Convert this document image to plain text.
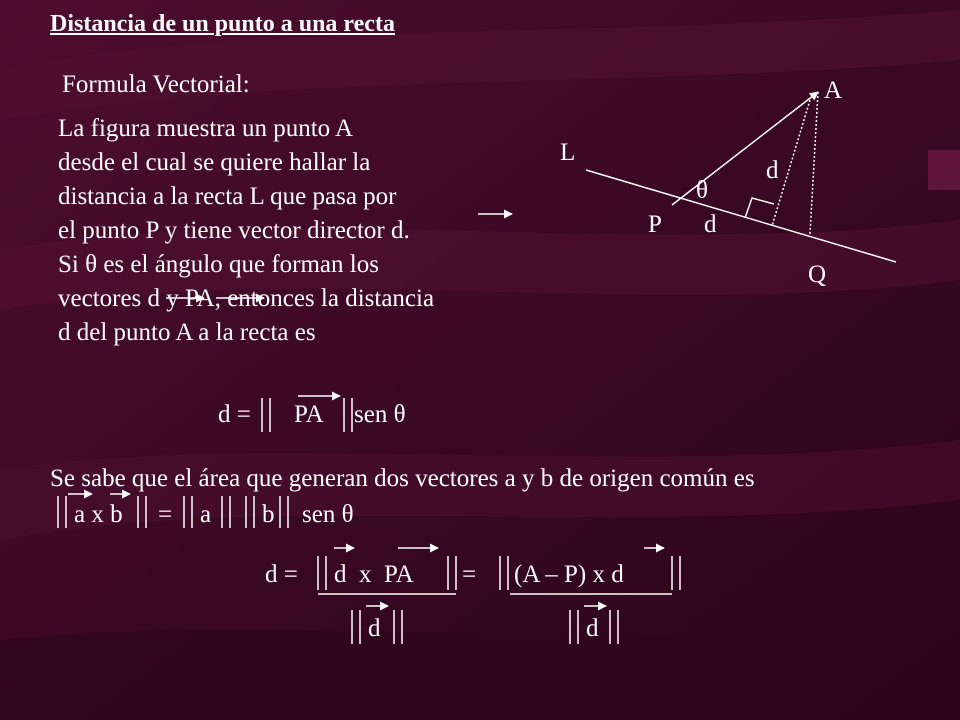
Distancia de un punto a una recta
Formula Vectorial:
La figura muestra un punto A
desde el cual se quiere hallar la
distancia a la recta L que pasa por
el punto P y tiene vector director d.
Si θ es el ángulo que forman los
vectores d y PA, entonces la distancia
d del punto A a la recta es
d = PA sen θ
Se sabe que el área que generan dos vectores a y b de origen común es
a x b = a b sen θ
d = d  x  PA = (A – P) x d
d	d
A
L
d
θ
P d
Q
